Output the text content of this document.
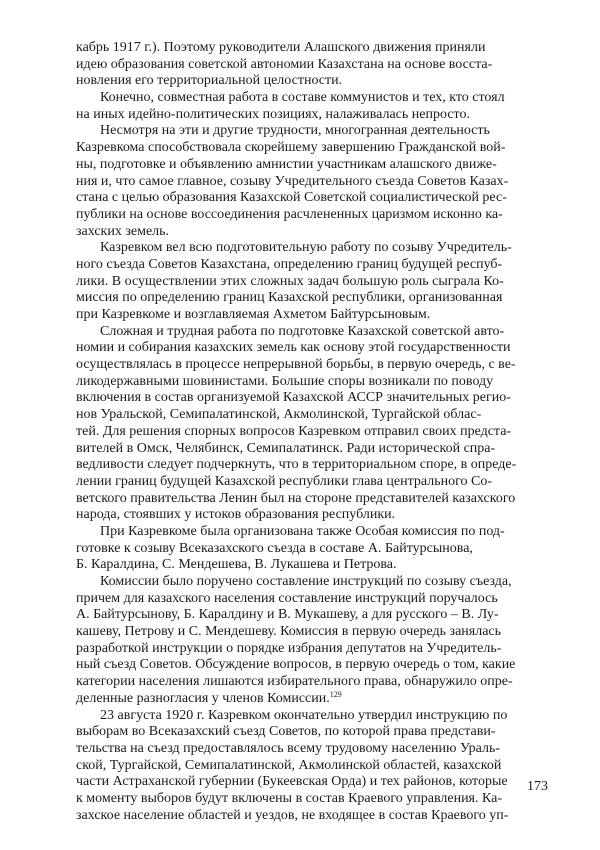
кабрь 1917 г.). Поэтому руководители Алашского движения приняли
идею образования советской автономии Казахстана на основе восста-
новления его территориальной целостности.
Конечно, совместная работа в составе коммунистов и тех, кто стоял
на иных идейно-политических позициях, налаживалась непросто.
Несмотря на эти и другие трудности, многогранная деятельность
Казревкома способствовала скорейшему завершению Гражданской вой-
ны, подготовке и объявлению амнистии участникам алашского движе-
ния и, что самое главное, созыву Учредительного съезда Советов Казах-
стана с целью образования Казахской Советской социалистической рес-
публики на основе воссоединения расчлененных царизмом исконно ка-
захских земель.
Казревком вел всю подготовительную работу по созыву Учредитель-
ного съезда Советов Казахстана, определению границ будущей респуб-
лики. В осуществлении этих сложных задач большую роль сыграла Ко-
миссия по определению границ Казахской республики, организованная
при Казревкоме и возглавляемая Ахметом Байтурсыновым.
Сложная и трудная работа по подготовке Казахской советской авто-
номии и собирания казахских земель как основу этой государственности
осуществлялась в процессе непрерывной борьбы, в первую очередь, с ве-
ликодержавными шовинистами. Большие споры возникали по поводу
включения в состав организуемой Казахской АССР значительных регио-
нов Уральской, Семипалатинской, Акмолинской, Тургайской облас-
тей. Для решения спорных вопросов Казревком отправил своих предста-
вителей в Омск, Челябинск, Семипалатинск. Ради исторической спра-
ведливости следует подчеркнуть, что в территориальном споре, в опреде-
лении границ будущей Казахской республики глава центрального Со-
ветского правительства Ленин был на стороне представителей казахского
народа, стоявших у истоков образования республики.
При Казревкоме была организована также Особая комиссия по под-
готовке к созыву Всеказахского съезда в составе А. Байтурсынова,
Б. Каралдина, С. Мендешева, В. Лукашева и Петрова.
Комиссии было поручено составление инструкций по созыву съезда,
причем для казахского населения составление инструкций поручалось
А. Байтурсынову, Б. Каралдину и В. Мукашеву, а для русского – В. Лу-
кашеву, Петрову и С. Мендешеву. Комиссия в первую очередь занялась
разработкой инструкции о порядке избрания депутатов на Учредитель-
ный съезд Советов. Обсуждение вопросов, в первую очередь о том, какие
категории населения лишаются избирательного права, обнаружило опре-
деленные разногласия у членов Комиссии.$^{129}$
23 августа 1920 г. Казревком окончательно утвердил инструкцию по
выборам во Всеказахский съезд Советов, по которой права представи-
тельства на съезд предоставлялось всему трудовому населению Ураль-
ской, Тургайской, Семипалатинской, Акмолинской областей, казахской
части Астраханской губернии (Букеевская Орда) и тех районов, которые
к моменту выборов будут включены в состав Краевого управления. Ка-
захское население областей и уездов, не входящее в состав Краевого уп-
173
